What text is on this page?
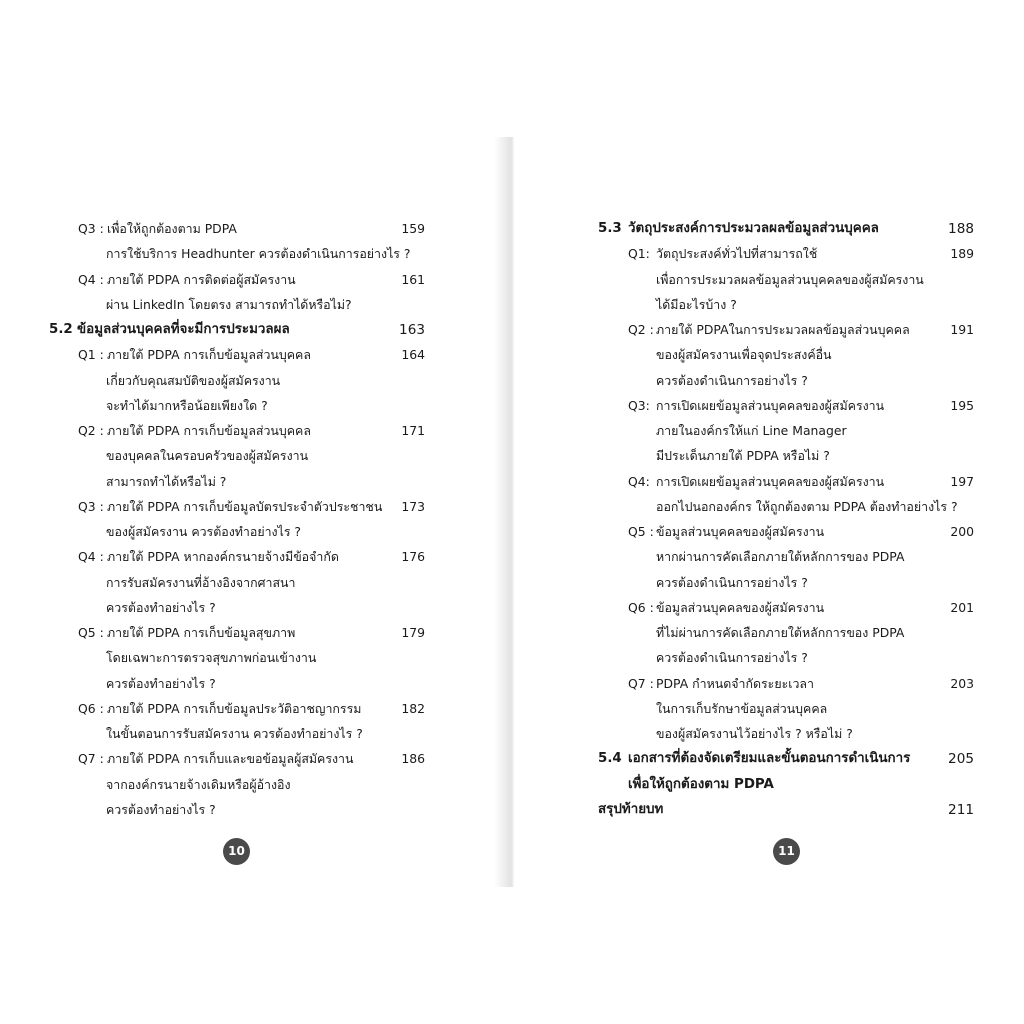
Q3 : เพื่อให้ถูกต้องตาม PDPA	159
การใช้บริการ Headhunter ควรต้องดำเนินการอย่างไร ?
Q4 : ภายใต้ PDPA การติดต่อผู้สมัครงาน	161
ผ่าน LinkedIn โดยตรง สามารถทำได้หรือไม่?
5.2 ข้อมูลส่วนบุคคลที่จะมีการประมวลผล	163
Q1 : ภายใต้ PDPA การเก็บข้อมูลส่วนบุคคล	164
เกี่ยวกับคุณสมบัติของผู้สมัครงาน
จะทำได้มากหรือน้อยเพียงใด ?
Q2 : ภายใต้ PDPA การเก็บข้อมูลส่วนบุคคล	171
ของบุคคลในครอบครัวของผู้สมัครงาน
สามารถทำได้หรือไม่ ?
Q3 : ภายใต้ PDPA การเก็บข้อมูลบัตรประจำตัวประชาชน 173
ของผู้สมัครงาน ควรต้องทำอย่างไร ?
Q4 : ภายใต้ PDPA หากองค์กรนายจ้างมีข้อจำกัด	176
การรับสมัครงานที่อ้างอิงจากศาสนา
ควรต้องทำอย่างไร ?
Q5 : ภายใต้ PDPA การเก็บข้อมูลสุขภาพ	179
โดยเฉพาะการตรวจสุขภาพก่อนเข้างาน
ควรต้องทำอย่างไร ?
Q6 : ภายใต้ PDPA การเก็บข้อมูลประวัติอาชญากรรม	182
ในขั้นตอนการรับสมัครงาน ควรต้องทำอย่างไร ?
Q7 : ภายใต้ PDPA การเก็บและขอข้อมูลผู้สมัครงาน	186
จากองค์กรนายจ้างเดิมหรือผู้อ้างอิง
ควรต้องทำอย่างไร ?
5.3 วัตถุประสงค์การประมวลผลข้อมูลส่วนบุคคล	188
Q1: วัตถุประสงค์ทั่วไปที่สามารถใช้	189
เพื่อการประมวลผลข้อมูลส่วนบุคคลของผู้สมัครงาน
ได้มีอะไรบ้าง ?
Q2 : ภายใต้ PDPAในการประมวลผลข้อมูลส่วนบุคคล	191
ของผู้สมัครงานเพื่อจุดประสงค์อื่น
ควรต้องดำเนินการอย่างไร ?
Q3: การเปิดเผยข้อมูลส่วนบุคคลของผู้สมัครงาน	195
ภายในองค์กรให้แก่ Line Manager
มีประเด็นภายใต้ PDPA หรือไม่ ?
Q4: การเปิดเผยข้อมูลส่วนบุคคลของผู้สมัครงาน	197
ออกไปนอกองค์กร ให้ถูกต้องตาม PDPA ต้องทำอย่างไร ?
Q5 : ข้อมูลส่วนบุคคลของผู้สมัครงาน	200
หากผ่านการคัดเลือกภายใต้หลักการของ PDPA
ควรต้องดำเนินการอย่างไร ?
Q6 : ข้อมูลส่วนบุคคลของผู้สมัครงาน	201
ที่ไม่ผ่านการคัดเลือกภายใต้หลักการของ PDPA
ควรต้องดำเนินการอย่างไร ?
Q7 : PDPA กำหนดจำกัดระยะเวลา	203
ในการเก็บรักษาข้อมูลส่วนบุคคล
ของผู้สมัครงานไว้อย่างไร ? หรือไม่ ?
5.4 เอกสารที่ต้องจัดเตรียมและขั้นตอนการดำเนินการ	205
เพื่อให้ถูกต้องตาม PDPA
สรุปท้ายบท	211
10	11
